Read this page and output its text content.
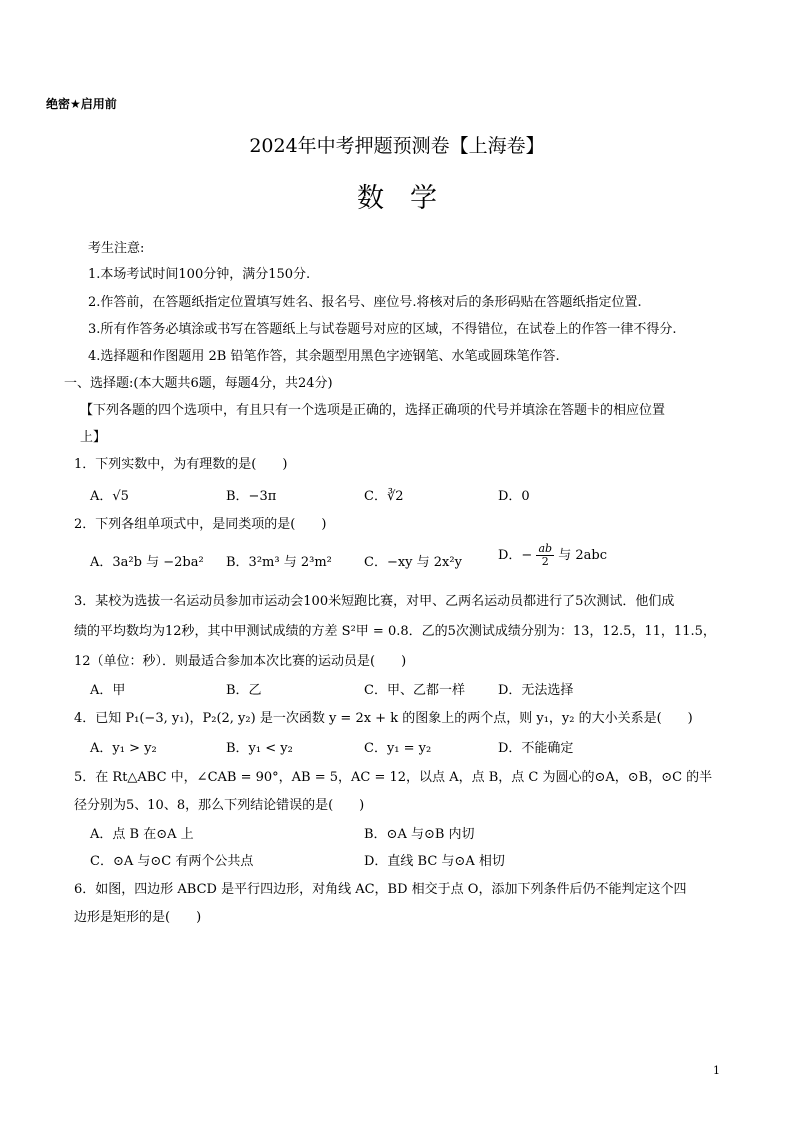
绝密★启用前
2024年中考押题预测卷【上海卷】
数学
考生注意:
1.本场考试时间100分钟，满分150分.
2.作答前，在答题纸指定位置填写姓名、报名号、座位号.将核对后的条形码贴在答题纸指定位置.
3.所有作答务必填涂或书写在答题纸上与试卷题号对应的区域，不得错位，在试卷上的作答一律不得分.
4.选择题和作图题用 2B 铅笔作答，其余题型用黑色字迹钢笔、水笔或圆珠笔作答.
一、选择题:(本大题共6题，每题4分，共24分)
【下列各题的四个选项中，有且只有一个选项是正确的，选择正确项的代号并填涂在答题卡的相应位置
上】
1．下列实数中，为有理数的是(　　)
A．√5	B．−3π	C．∛2	D．0
2．下列各组单项式中，是同类项的是(　　)
A．3a²b 与 −2ba² B．3²m³ 与 2³m² C．−xy 与 2x²y	D．− $\frac{ab}{2}$ 与 2abc
3．某校为选拔一名运动员参加市运动会100米短跑比赛，对甲、乙两名运动员都进行了5次测试．他们成
绩的平均数均为12秒，其中甲测试成绩的方差 S²甲 = 0.8．乙的5次测试成绩分别为：13，12.5，11，11.5，
12（单位：秒）．则最适合参加本次比赛的运动员是(　　)
A．甲	B．乙	C．甲、乙都一样	D．无法选择
4．已知 P₁(−3, y₁)，P₂(2, y₂) 是一次函数 y = 2x + k 的图象上的两个点，则 y₁，y₂ 的大小关系是(　　)
A．y₁ > y₂	B．y₁ < y₂	C．y₁ = y₂	D．不能确定
5．在 Rt△ABC 中，∠CAB = 90°，AB = 5，AC = 12，以点 A，点 B，点 C 为圆心的⊙A，⊙B，⊙C 的半
径分别为5、10、8，那么下列结论错误的是(　　)
A．点 B 在⊙A 上	B．⊙A 与⊙B 内切
C．⊙A 与⊙C 有两个公共点	D．直线 BC 与⊙A 相切
6．如图，四边形 ABCD 是平行四边形，对角线 AC，BD 相交于点 O，添加下列条件后仍不能判定这个四
边形是矩形的是(　　)
1
